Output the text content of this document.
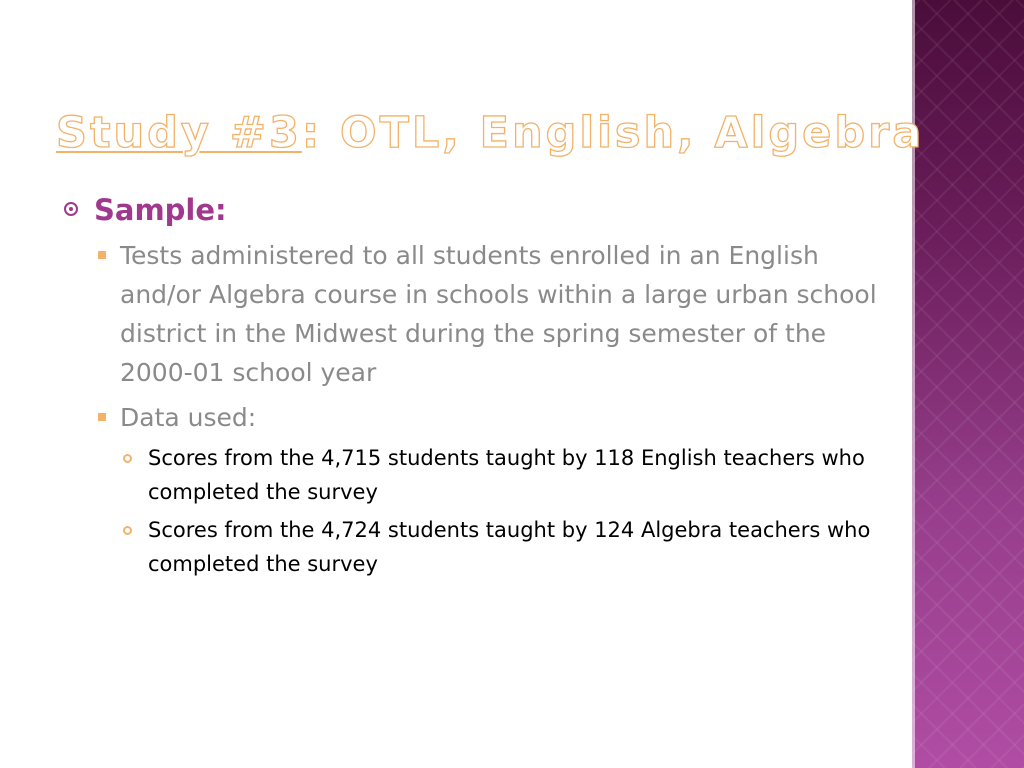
Study #3: OTL, English, Algebra
Sample:
Tests administered to all students enrolled in an English and/or Algebra course in schools within a large urban school district in the Midwest during the spring semester of the 2000-01 school year
Data used:
Scores from the 4,715 students taught by 118 English teachers who completed the survey
Scores from the 4,724 students taught by 124 Algebra teachers who completed the survey
